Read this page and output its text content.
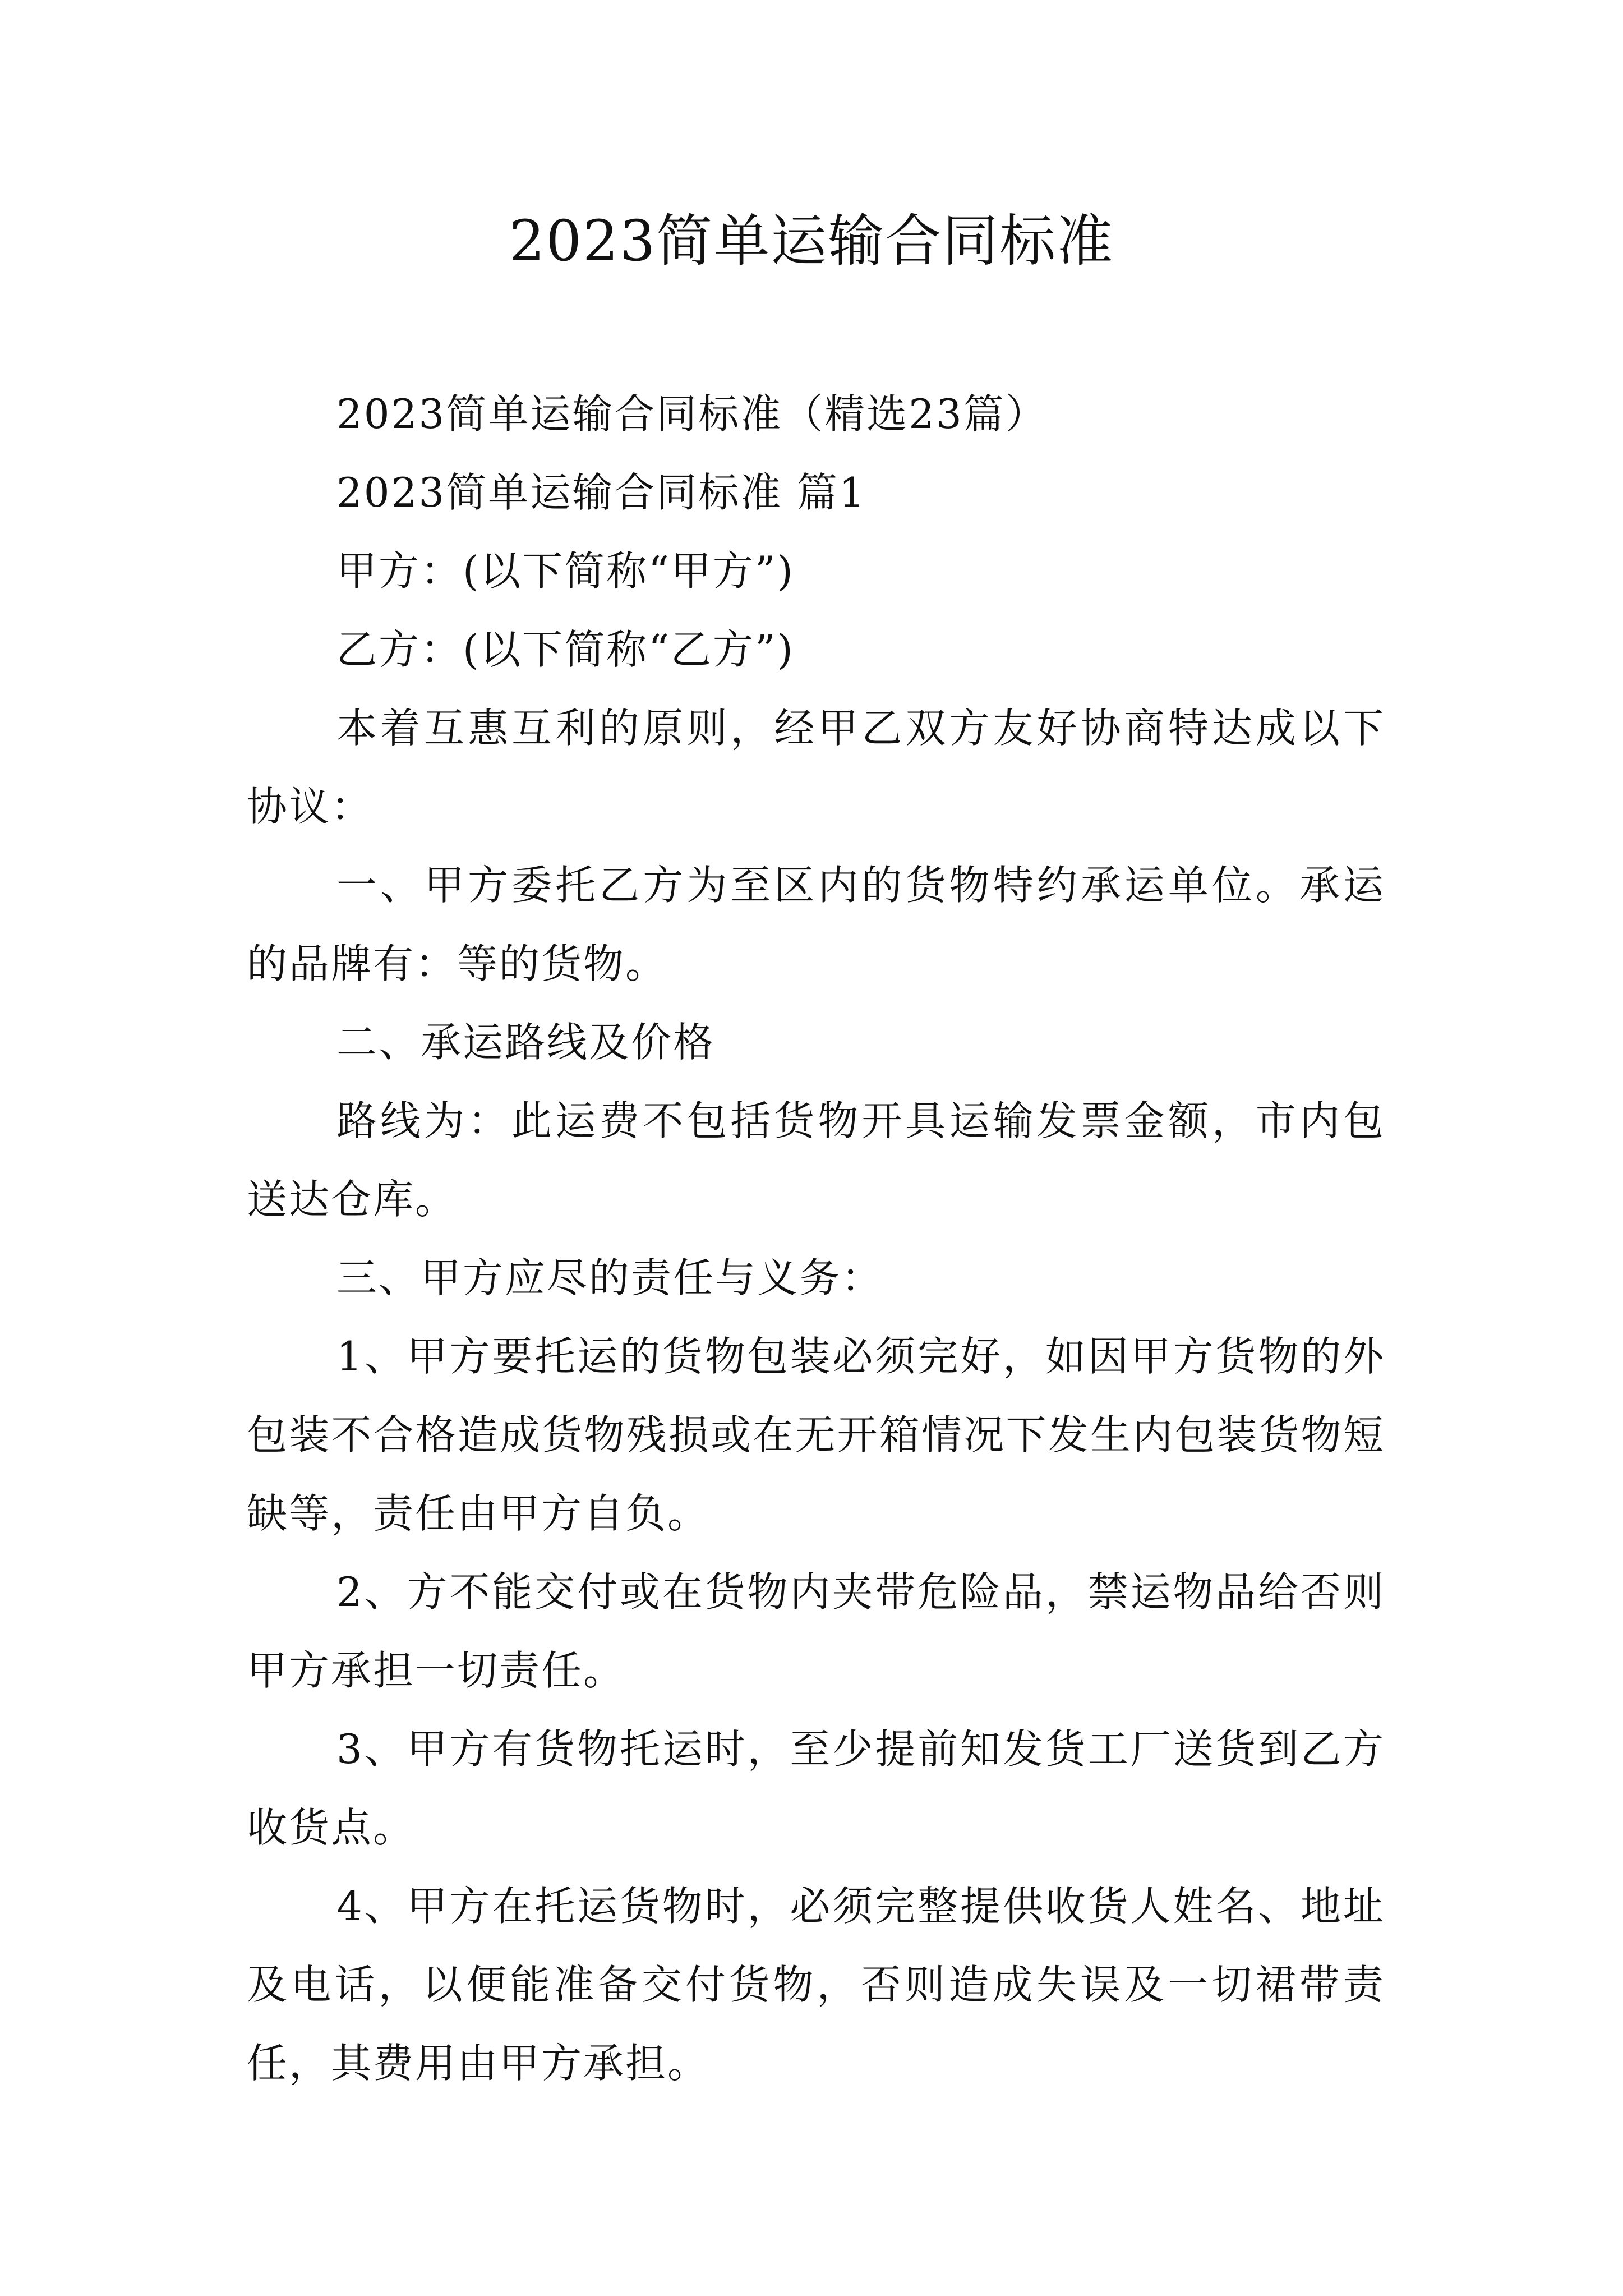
2023简单运输合同标准

2023简单运输合同标准（精选23篇）

2023简单运输合同标准 篇1

甲方：(以下简称“甲方”)

乙方：(以下简称“乙方”)

本着互惠互利的原则，经甲乙双方友好协商特达成以下协议：

一、甲方委托乙方为至区内的货物特约承运单位。承运的品牌有：等的货物。

二、承运路线及价格

路线为：此运费不包括货物开具运输发票金额，市内包送达仓库。

三、甲方应尽的责任与义务：

1、甲方要托运的货物包装必须完好，如因甲方货物的外包装不合格造成货物残损或在无开箱情况下发生内包装货物短缺等，责任由甲方自负。

2、方不能交付或在货物内夹带危险品，禁运物品给否则甲方承担一切责任。

3、甲方有货物托运时，至少提前知发货工厂送货到乙方收货点。

4、甲方在托运货物时，必须完整提供收货人姓名、地址及电话，以便能准备交付货物，否则造成失误及一切裙带责任，其费用由甲方承担。
